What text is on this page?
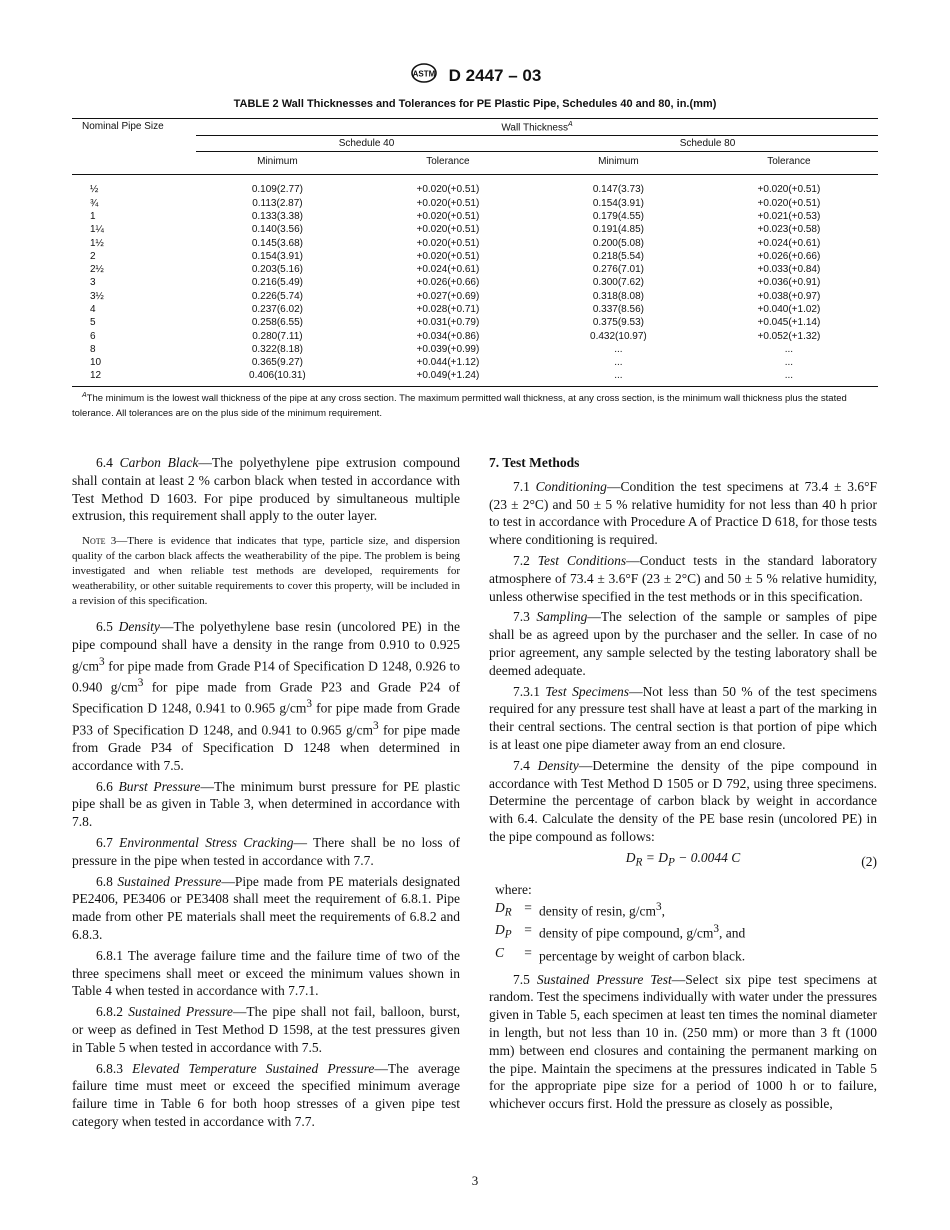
ASTM D 2447 – 03
TABLE 2 Wall Thicknesses and Tolerances for PE Plastic Pipe, Schedules 40 and 80, in.(mm)
Nominal Pipe Size	Wall Thickness$^A$
	Schedule 40		Schedule 80	
	Minimum	Tolerance	Minimum	Tolerance

½	0.109(2.77)	+0.020(+0.51)	0.147(3.73)	+0.020(+0.51)
¾	0.113(2.87)	+0.020(+0.51)	0.154(3.91)	+0.020(+0.51)
1	0.133(3.38)	+0.020(+0.51)	0.179(4.55)	+0.021(+0.53)
1¼	0.140(3.56)	+0.020(+0.51)	0.191(4.85)	+0.023(+0.58)
1½	0.145(3.68)	+0.020(+0.51)	0.200(5.08)	+0.024(+0.61)
2	0.154(3.91)	+0.020(+0.51)	0.218(5.54)	+0.026(+0.66)
2½	0.203(5.16)	+0.024(+0.61)	0.276(7.01)	+0.033(+0.84)
3	0.216(5.49)	+0.026(+0.66)	0.300(7.62)	+0.036(+0.91)
3½	0.226(5.74)	+0.027(+0.69)	0.318(8.08)	+0.038(+0.97)
4	0.237(6.02)	+0.028(+0.71)	0.337(8.56)	+0.040(+1.02)
5	0.258(6.55)	+0.031(+0.79)	0.375(9.53)	+0.045(+1.14)
6	0.280(7.11)	+0.034(+0.86)	0.432(10.97)	+0.052(+1.32)
8	0.322(8.18)	+0.039(+0.99)	...	...
10	0.365(9.27)	+0.044(+1.12)	...	...
12	0.406(10.31)	+0.049(+1.24)	...	...

$^A$The minimum is the lowest wall thickness of the pipe at any cross section. The maximum permitted wall thickness, at any cross section, is the minimum wall thickness plus the stated tolerance. All tolerances are on the plus side of the minimum requirement.

6.4 Carbon Black—The polyethylene pipe extrusion compound shall contain at least 2 % carbon black when tested in accordance with Test Method D 1603. For pipe produced by simultaneous multiple extrusion, this requirement shall apply to the outer layer.

Note 3—There is evidence that indicates that type, particle size, and dispersion quality of the carbon black affects the weatherability of the pipe. The problem is being investigated and when reliable test methods are developed, requirements for weatherability, or other suitable requirements to cover this property, will be included in a revision of this specification.

6.5 Density—The polyethylene base resin (uncolored PE) in the pipe compound shall have a density in the range from 0.910 to 0.925 $g/cm^3$ for pipe made from Grade P14 of Specification D 1248, 0.926 to 0.940 $g/cm^3$ for pipe made from Grade P23 and Grade P24 of Specification D 1248, 0.941 to 0.965 $g/cm^3$ for pipe made from Grade P33 of Specification D 1248, and 0.941 to 0.965 $g/cm^3$ for pipe made from Grade P34 of Specification D 1248 when determined in accordance with 7.5.

6.6 Burst Pressure—The minimum burst pressure for PE plastic pipe shall be as given in Table 3, when determined in accordance with 7.8.

6.7 Environmental Stress Cracking— There shall be no loss of pressure in the pipe when tested in accordance with 7.7.

6.8 Sustained Pressure—Pipe made from PE materials designated PE2406, PE3406 or PE3408 shall meet the requirement of 6.8.1. Pipe made from other PE materials shall meet the requirements of 6.8.2 and 6.8.3.

6.8.1 The average failure time and the failure time of two of the three specimens shall meet or exceed the minimum values shown in Table 4 when tested in accordance with 7.7.1.

6.8.2 Sustained Pressure—The pipe shall not fail, balloon, burst, or weep as defined in Test Method D 1598, at the test pressures given in Table 5 when tested in accordance with 7.5.

6.8.3 Elevated Temperature Sustained Pressure—The average failure time must meet or exceed the specified minimum average failure time in Table 6 for both hoop stresses of a given pipe test category when tested in accordance with 7.7.

7. Test Methods

7.1 Conditioning—Condition the test specimens at 73.4 ± 3.6°F (23 ± 2°C) and 50 ± 5 % relative humidity for not less than 40 h prior to test in accordance with Procedure A of Practice D 618, for those tests where conditioning is required.

7.2 Test Conditions—Conduct tests in the standard laboratory atmosphere of 73.4 ± 3.6°F (23 ± 2°C) and 50 ± 5 % relative humidity, unless otherwise specified in the test methods or in this specification.

7.3 Sampling—The selection of the sample or samples of pipe shall be as agreed upon by the purchaser and the seller. In case of no prior agreement, any sample selected by the testing laboratory shall be deemed adequate.

7.3.1 Test Specimens—Not less than 50 % of the test specimens required for any pressure test shall have at least a part of the marking in their central sections. The central section is that portion of pipe which is at least one pipe diameter away from an end closure.

7.4 Density—Determine the density of the pipe compound in accordance with Test Method D 1505 or D 792, using three specimens. Determine the percentage of carbon black by weight in accordance with 6.4. Calculate the density of the PE base resin (uncolored PE) in the pipe compound as follows:

$D_R = D_P - 0.0044$ C	(2)
where:
$D_R$ = density of resin, $g/cm^3$,
$D_P$ = density of pipe compound, $g/cm^3$, and
C	= percentage by weight of carbon black.

7.5 Sustained Pressure Test—Select six pipe test specimens at random. Test the specimens individually with water under the pressures given in Table 5, each specimen at least ten times the nominal diameter in length, but not less than 10 in. (250 mm) or more than 3 ft (1000 mm) between end closures and containing the permanent marking on the pipe. Maintain the specimens at the pressures indicated in Table 5 for the appropriate pipe size for a period of 1000 h or to failure, whichever occurs first. Hold the pressure as closely as possible,

3
